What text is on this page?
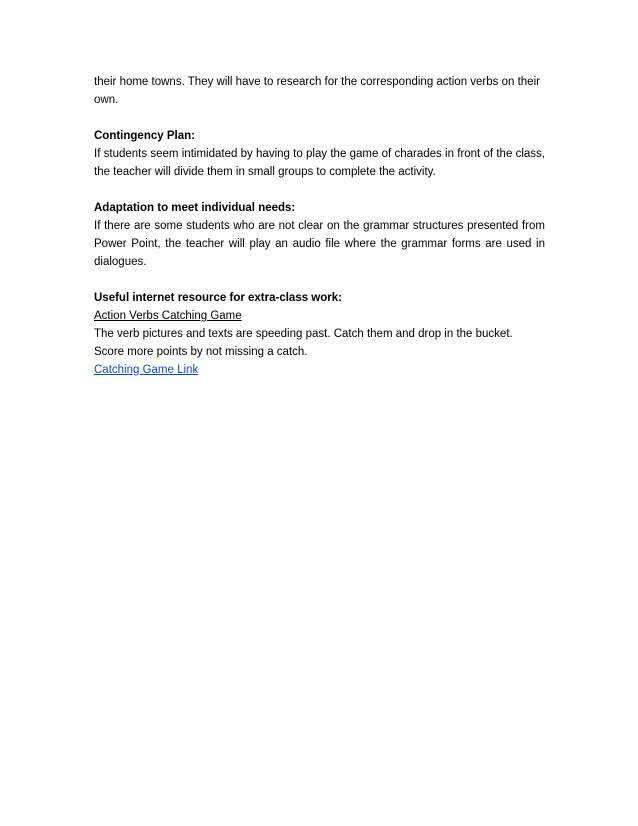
their home towns. They will have to research for the corresponding action verbs on their own.

Contingency Plan:

If students seem intimidated by having to play the game of charades in front of the class, the teacher will divide them in small groups to complete the activity.

Adaptation to meet individual needs:

If there are some students who are not clear on the grammar structures presented from Power Point, the teacher will play an audio file where the grammar forms are used in dialogues.

Useful internet resource for extra-class work:

Action Verbs Catching Game

The verb pictures and texts are speeding past. Catch them and drop in the bucket. Score more points by not missing a catch.

Catching Game Link
